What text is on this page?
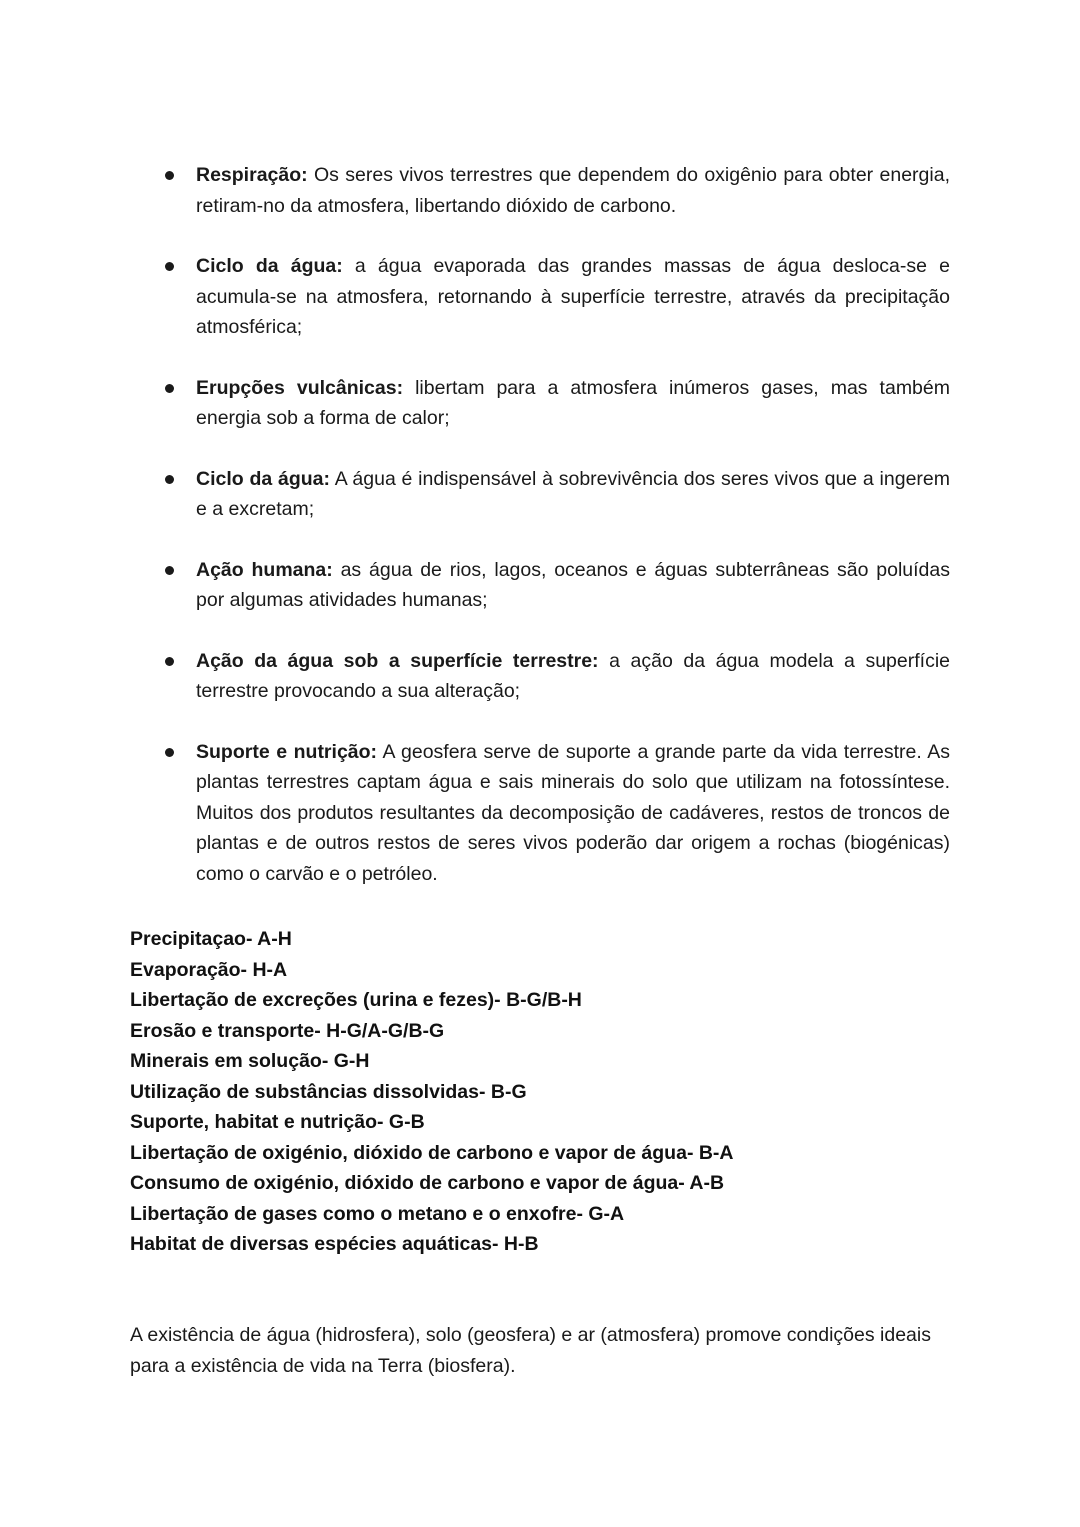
Respiração: Os seres vivos terrestres que dependem do oxigênio para obter energia, retiram-no da atmosfera, libertando dióxido de carbono.
Ciclo da água: a água evaporada das grandes massas de água desloca-se e acumula-se na atmosfera, retornando à superfície terrestre, através da precipitação atmosférica;
Erupções vulcânicas: libertam para a atmosfera inúmeros gases, mas também energia sob a forma de calor;
Ciclo da água: A água é indispensável à sobrevivência dos seres vivos que a ingerem e a excretam;
Ação humana: as água de rios, lagos, oceanos e águas subterrâneas são poluídas por algumas atividades humanas;
Ação da água sob a superfície terrestre: a ação da água modela a superfície terrestre provocando a sua alteração;
Suporte e nutrição: A geosfera serve de suporte a grande parte da vida terrestre. As plantas terrestres captam água e sais minerais do solo que utilizam na fotossíntese. Muitos dos produtos resultantes da decomposição de cadáveres, restos de troncos de plantas e de outros restos de seres vivos poderão dar origem a rochas (biogénicas) como o carvão e o petróleo.
Precipitaçao- A-H
Evaporação- H-A
Libertação de excreções (urina e fezes)- B-G/B-H
Erosão e transporte- H-G/A-G/B-G
Minerais em solução- G-H
Utilização de substâncias dissolvidas- B-G
Suporte, habitat e nutrição- G-B
Libertação de oxigénio, dióxido de carbono e vapor de água- B-A
Consumo de oxigénio, dióxido de carbono e vapor de água- A-B
Libertação de gases como o metano e o enxofre- G-A
Habitat de diversas espécies aquáticas- H-B

A existência de água (hidrosfera), solo (geosfera) e ar (atmosfera) promove condições ideais para a existência de vida na Terra (biosfera).
